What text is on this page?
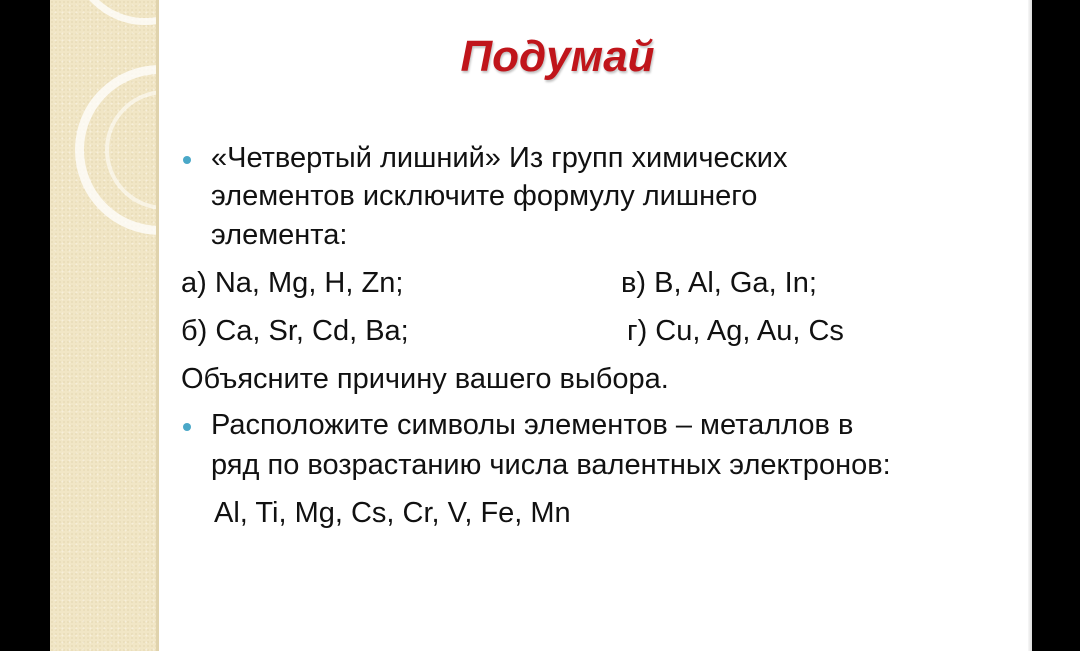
Подумай
«Четвертый лишний» Из групп химических
элементов исключите формулу лишнего
элемента:
а) Na, Mg, H, Zn;	в) B, Al, Ga, In;
б) Ca, Sr, Cd, Ba;	г) Cu, Ag, Au, Cs
Объясните причину вашего выбора.
Расположите символы элементов – металлов в
ряд по возрастанию числа валентных электронов:
Al, Ti, Mg, Cs, Cr, V, Fe, Mn
